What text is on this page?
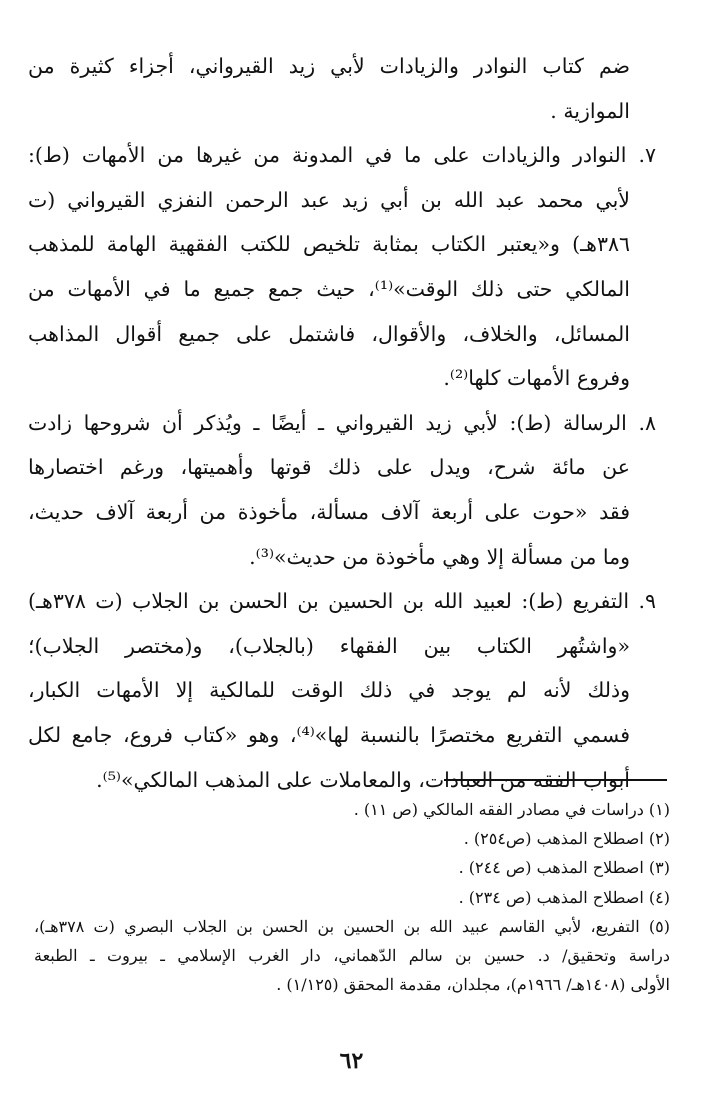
ضم كتاب النوادر والزيادات لأبي زيد القيرواني، أجزاء كثيرة من
الموازية .
٧. النوادر والزيادات على ما في المدونة من غيرها من الأمهات (ط):
لأبي محمد عبد الله بن أبي زيد عبد الرحمن النفزي القيرواني (ت
٣٨٦هـ) و«يعتبر الكتاب بمثابة تلخيص للكتب الفقهية الهامة للمذهب
المالكي حتى ذلك الوقت»⁽¹⁾، حيث جمع جميع ما في الأمهات من
المسائل، والخلاف، والأقوال، فاشتمل على جميع أقوال المذاهب
وفروع الأمهات كلها⁽²⁾.
٨. الرسالة (ط): لأبي زيد القيرواني ـ أيضًا ـ ويُذكر أن شروحها زادت
عن مائة شرح، ويدل على ذلك قوتها وأهميتها، ورغم اختصارها
فقد «حوت على أربعة آلاف مسألة، مأخوذة من أربعة آلاف حديث،
وما من مسألة إلا وهي مأخوذة من حديث»⁽³⁾.
٩. التفريع (ط): لعبيد الله بن الحسين بن الحسن بن الجلاب (ت ٣٧٨هـ)
«واشتُهر الكتاب بين الفقهاء (بالجلاب)، و(مختصر الجلاب)؛
وذلك لأنه لم يوجد في ذلك الوقت للمالكية إلا الأمهات الكبار،
فسمي التفريع مختصرًا بالنسبة لها»⁽⁴⁾، وهو «كتاب فروع، جامع لكل
أبواب الفقه من العبادات، والمعاملات على المذهب المالكي»⁽⁵⁾.
(١) دراسات في مصادر الفقه المالكي (ص ١١) .
(٢) اصطلاح المذهب (ص٢٥٤) .
(٣) اصطلاح المذهب (ص ٢٤٤) .
(٤) اصطلاح المذهب (ص ٢٣٤) .
(٥) التفريع، لأبي القاسم عبيد الله بن الحسين بن الحسن بن الجلاب البصري (ت ٣٧٨هـ)،
دراسة وتحقيق/ د. حسين بن سالم الدّهماني، دار الغرب الإسلامي ـ بيروت ـ الطبعة
الأولى (١٤٠٨هـ/ ١٩٦٦م)، مجلدان، مقدمة المحقق (١/١٢٥) .
٦٢
